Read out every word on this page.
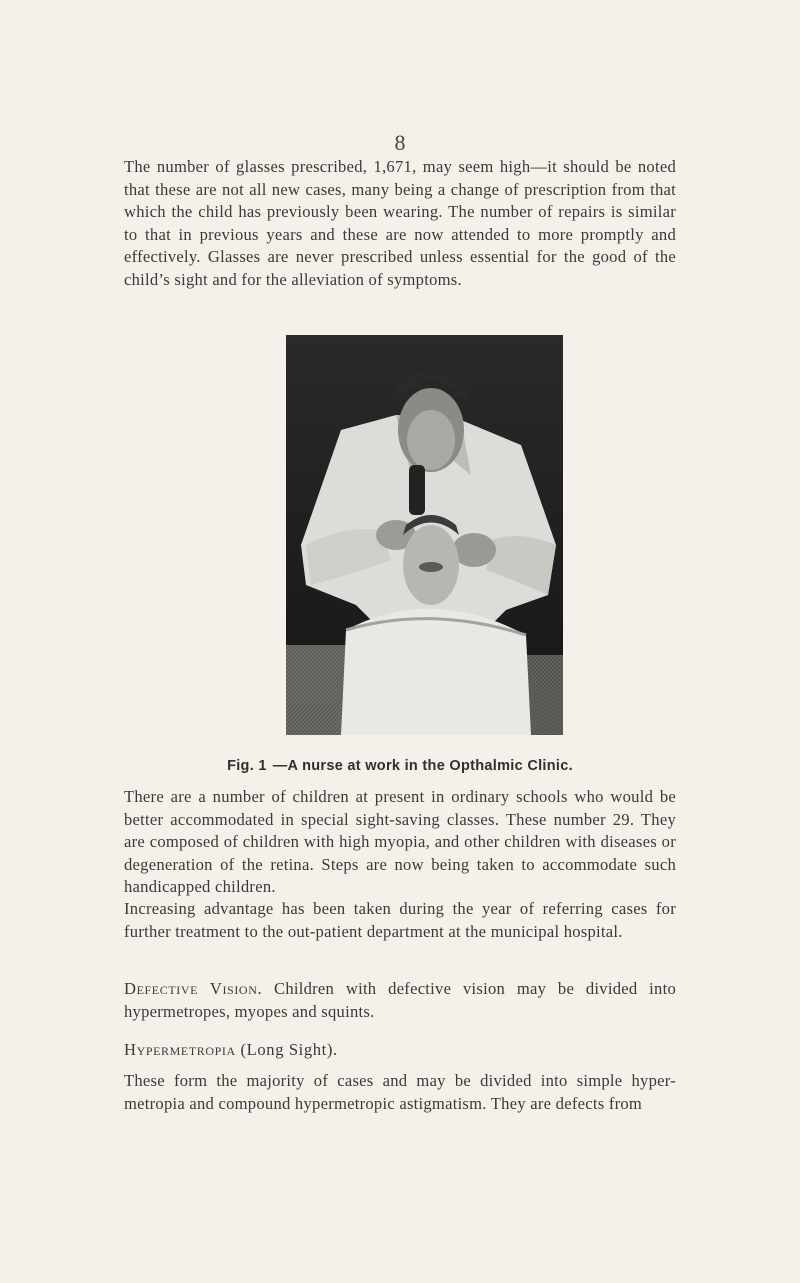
8

The number of glasses prescribed, 1,671, may seem high—it should be noted that these are not all new cases, many being a change of prescription from that which the child has previously been wearing. The number of repairs is similar to that in previous years and these are now attended to more promptly and effectively. Glasses are never prescribed unless essential for the good of the child’s sight and for the alleviation of symptoms.

Fig. 1 —A nurse at work in the Opthalmic Clinic.

There are a number of children at present in ordinary schools who would be better accommodated in special sight-saving classes. These number 29. They are composed of children with high myopia, and other children with diseases or degeneration of the retina. Steps are now being taken to accommodate such handicapped children.

Increasing advantage has been taken during the year of referring cases for further treatment to the out-patient department at the municipal hospital.

Defective Vision. Children with defective vision may be divided into hypermetropes, myopes and squints.

Hypermetropia (Long Sight).

These form the majority of cases and may be divided into simple hyper-metropia and compound hypermetropic astigmatism. They are defects from
